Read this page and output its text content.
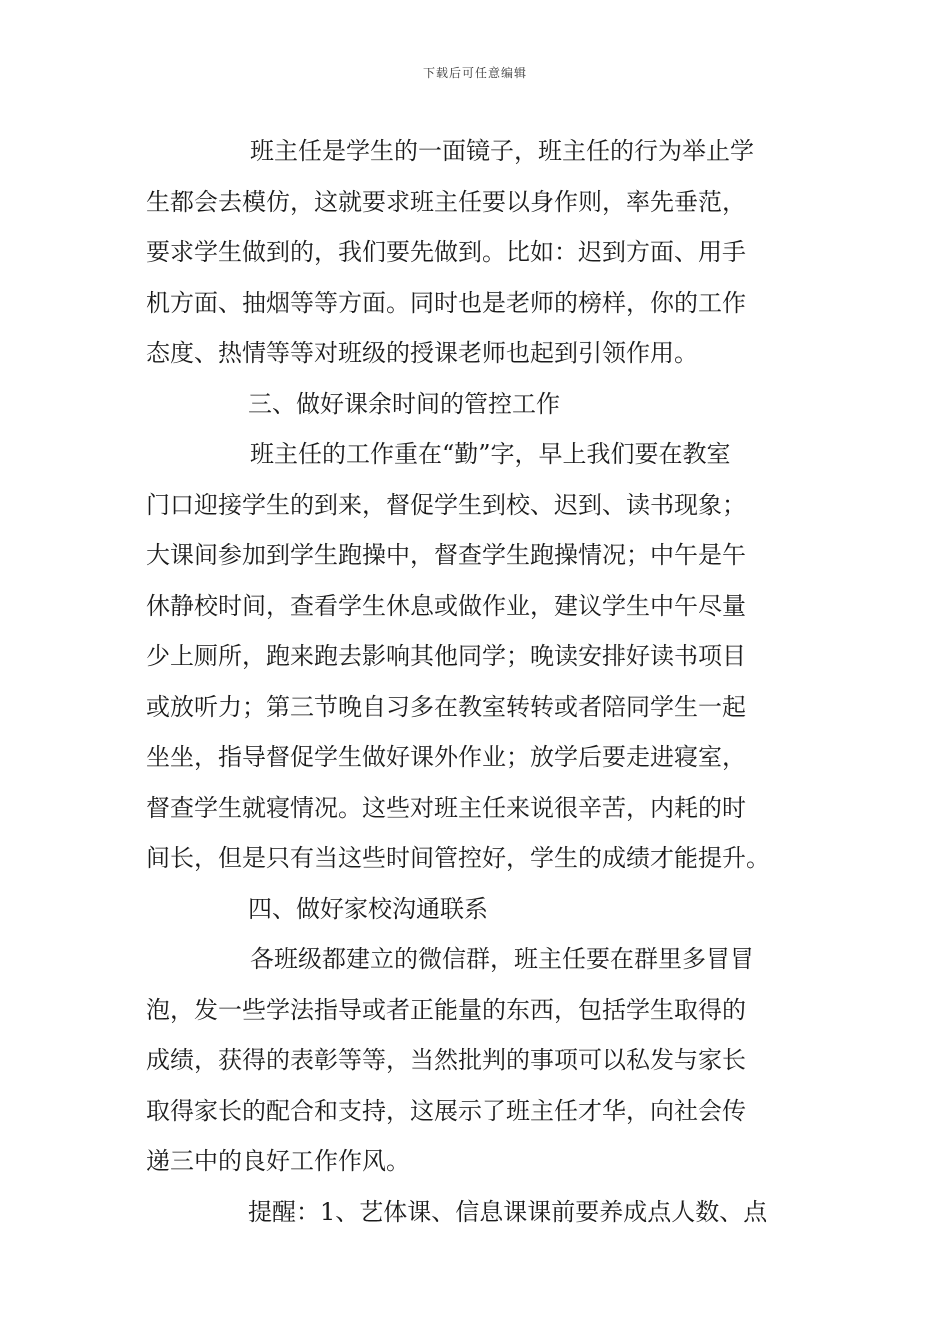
下载后可任意编辑
班主任是学生的一面镜子，班主任的行为举止学
生都会去模仿，这就要求班主任要以身作则，率先垂范，
要求学生做到的，我们要先做到。比如：迟到方面、用手
机方面、抽烟等等方面。同时也是老师的榜样，你的工作
态度、热情等等对班级的授课老师也起到引领作用。
三、做好课余时间的管控工作
班主任的工作重在“勤”字，早上我们要在教室
门口迎接学生的到来，督促学生到校、迟到、读书现象；
大课间参加到学生跑操中，督查学生跑操情况；中午是午
休静校时间，查看学生休息或做作业，建议学生中午尽量
少上厕所，跑来跑去影响其他同学；晚读安排好读书项目
或放听力；第三节晚自习多在教室转转或者陪同学生一起
坐坐，指导督促学生做好课外作业；放学后要走进寝室，
督查学生就寝情况。这些对班主任来说很辛苦，内耗的时
间长，但是只有当这些时间管控好，学生的成绩才能提升。
四、做好家校沟通联系
各班级都建立的微信群，班主任要在群里多冒冒
泡，发一些学法指导或者正能量的东西，包括学生取得的
成绩，获得的表彰等等，当然批判的事项可以私发与家长
取得家长的配合和支持，这展示了班主任才华，向社会传
递三中的良好工作作风。
提醒：1、艺体课、信息课课前要养成点人数、点
